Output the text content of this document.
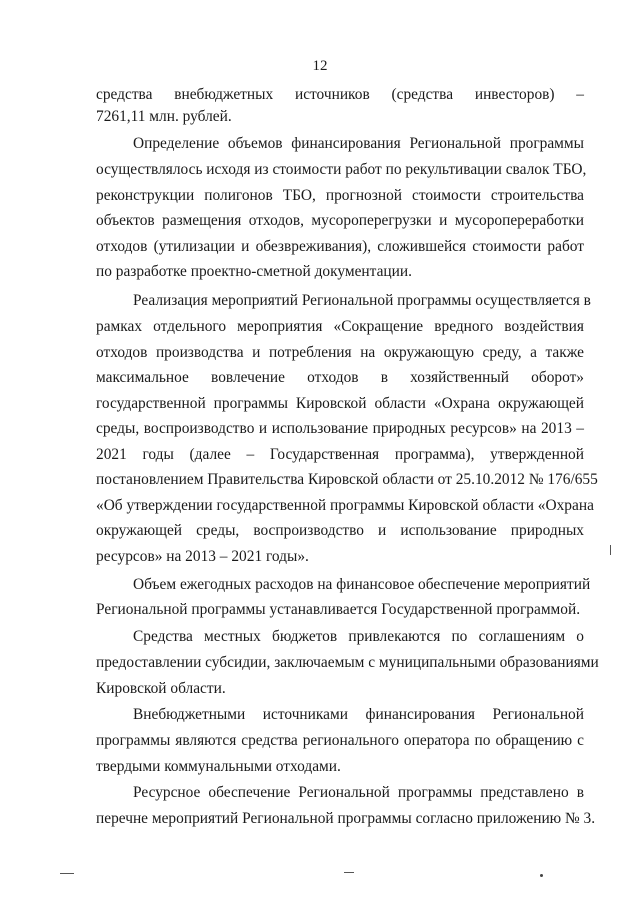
12
средства внебюджетных источников (средства инвесторов) –
7261,11 млн. рублей.
Определение объемов финансирования Региональной программы
осуществлялось исходя из стоимости работ по рекультивации свалок ТБО,
реконструкции полигонов ТБО, прогнозной стоимости строительства
объектов размещения отходов, мусороперегрузки и мусоропереработки
отходов (утилизации и обезвреживания), сложившейся стоимости работ
по разработке проектно-сметной документации.
Реализация мероприятий Региональной программы осуществляется в
рамках отдельного мероприятия «Сокращение вредного воздействия
отходов производства и потребления на окружающую среду, а также
максимальное вовлечение отходов в хозяйственный оборот»
государственной программы Кировской области «Охрана окружающей
среды, воспроизводство и использование природных ресурсов» на 2013 –
2021 годы (далее – Государственная программа), утвержденной
постановлением Правительства Кировской области от 25.10.2012 № 176/655
«Об утверждении государственной программы Кировской области «Охрана
окружающей среды, воспроизводство и использование природных
ресурсов» на 2013 – 2021 годы».
Объем ежегодных расходов на финансовое обеспечение мероприятий
Региональной программы устанавливается Государственной программой.
Средства местных бюджетов привлекаются по соглашениям о
предоставлении субсидии, заключаемым с муниципальными образованиями
Кировской области.
Внебюджетными источниками финансирования Региональной
программы являются средства регионального оператора по обращению с
твердыми коммунальными отходами.
Ресурсное обеспечение Региональной программы представлено в
перечне мероприятий Региональной программы согласно приложению № 3.
